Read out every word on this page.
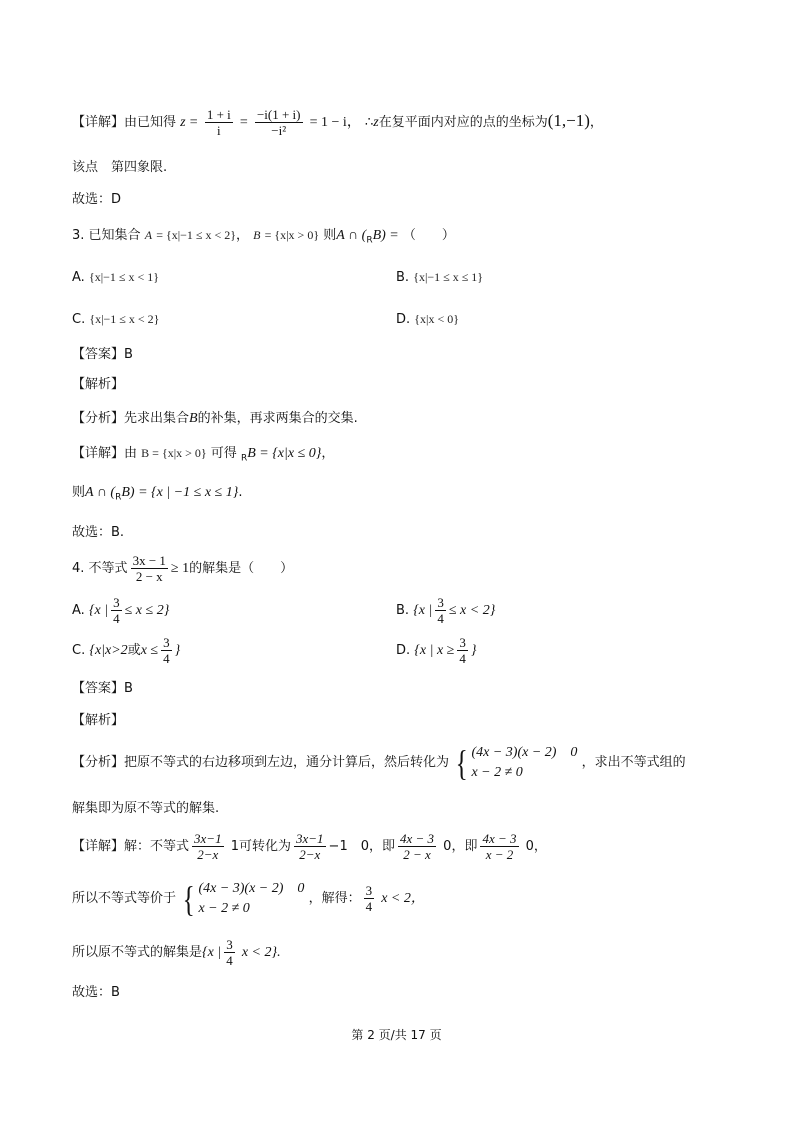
【详解】由已知得 $z = \frac{1 + i}{i} = \frac{-i(1 + i)}{\text{−i²}} = 1 - i$， ∴z在复平面内对应的点的坐标为(1,−1)，
该点　第四象限.
故选：D
3. 已知集合 A = {x|−1 ≤ x < 2}， B = {x|x > 0} 则A ∩ $(_RB)$ = （　　）
A. {x|−1 ≤ x < 1}	B. {x|−1 ≤ x ≤ 1}
C. {x|−1 ≤ x < 2}	D. {x|x < 0}
【答案】B
【解析】
【分析】先求出集合B的补集，再求两集合的交集.
【详解】由 B = {x|x > 0} 可得 $_R$B = {x|x ≤ 0}，
则A ∩ $(_RB) = \{x$ | −1 ≤ x ≤ 1}.
故选：B.
4. 不等式 $\frac{3x - 1}{2 - x} \ge 1$的解集是（　　）
A. {x | $\frac{3}{4} \le x \le 2$}	B. {x | $\frac{3}{4} \le x < 2$}
C. {x|x>2或$x \le \frac{3}{4}$ }	D. {x | $x \ge \frac{3}{4}$ }
【答案】B
【解析】
【分析】把原不等式的右边移项到左边，通分计算后，然后转化为 { (4x − 3)(x − 2)　0
x − 2 ≠ 0
，求出不等式组的
解集即为原不等式的解集.
【详解】解：不等式 $\frac{3x-1}{2-x} 1$可转化为 $\frac{3x-1}{2-x} -1$　0，即 $\frac{4x - 3}{2 - x} 0$，即 $\frac{4x - 3}{x - 2} 0$，
所以不等式等价于 { (4x − 3)(x − 2)　0
x − 2 ≠ 0
，解得： $\frac{3}{4}$ x < 2，
所以原不等式的解集是{x | $\frac{3}{4}$ x < 2}.
故选：B
第 2 页/共 17 页
